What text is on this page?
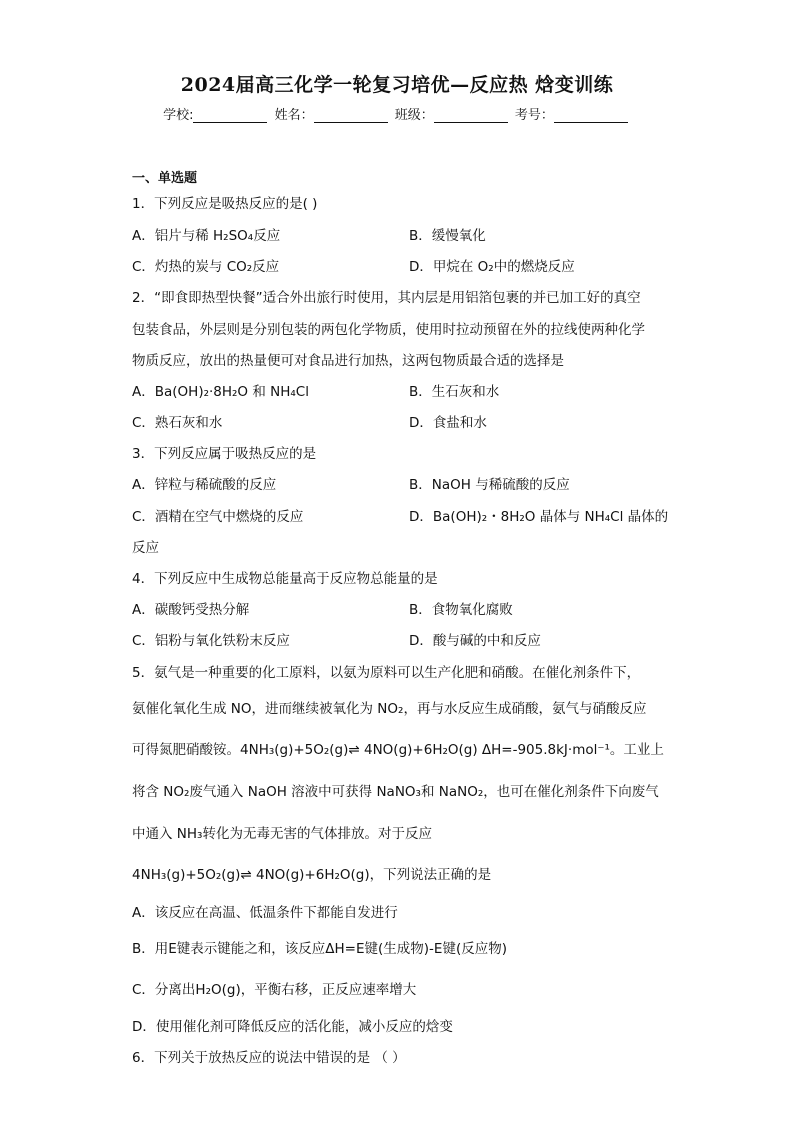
2024届高三化学一轮复习培优—反应热 焓变训练
学校:	姓名：	班级：	考号：
一、单选题
1．下列反应是吸热反应的是( )
A．铝片与稀 H₂SO₄反应	B．缓慢氧化
C．灼热的炭与 CO₂反应	D．甲烷在 O₂中的燃烧反应
2．“即食即热型快餐”适合外出旅行时使用，其内层是用铝箔包裹的并已加工好的真空
包装食品，外层则是分别包装的两包化学物质，使用时拉动预留在外的拉线使两种化学
物质反应，放出的热量便可对食品进行加热，这两包物质最合适的选择是
A．Ba(OH)₂·8H₂O 和 NH₄Cl	B．生石灰和水
C．熟石灰和水	D．食盐和水
3．下列反应属于吸热反应的是
A．锌粒与稀硫酸的反应	B．NaOH 与稀硫酸的反应
C．酒精在空气中燃烧的反应	D．Ba(OH)₂・8H₂O 晶体与 NH₄Cl 晶体的
反应
4．下列反应中生成物总能量高于反应物总能量的是
A．碳酸钙受热分解	B．食物氧化腐败
C．铝粉与氧化铁粉末反应	D．酸与碱的中和反应
5．氨气是一种重要的化工原料，以氨为原料可以生产化肥和硝酸。在催化剂条件下，
氨催化氧化生成 NO，进而继续被氧化为 NO₂，再与水反应生成硝酸，氨气与硝酸反应
可得氮肥硝酸铵。4NH₃(g)+5O₂(g)⇌ 4NO(g)+6H₂O(g) ΔH=-905.8kJ·mol⁻¹。工业上
将含 NO₂废气通入 NaOH 溶液中可获得 NaNO₃和 NaNO₂，也可在催化剂条件下向废气
中通入 NH₃转化为无毒无害的气体排放。对于反应
4NH₃(g)+5O₂(g)⇌ 4NO(g)+6H₂O(g)，下列说法正确的是
A．该反应在高温、低温条件下都能自发进行
B．用E键表示键能之和，该反应ΔH=E键(生成物)-E键(反应物)
C．分离出H₂O(g)，平衡右移，正反应速率增大
D．使用催化剂可降低反应的活化能，减小反应的焓变
6．下列关于放热反应的说法中错误的是 （ ）
